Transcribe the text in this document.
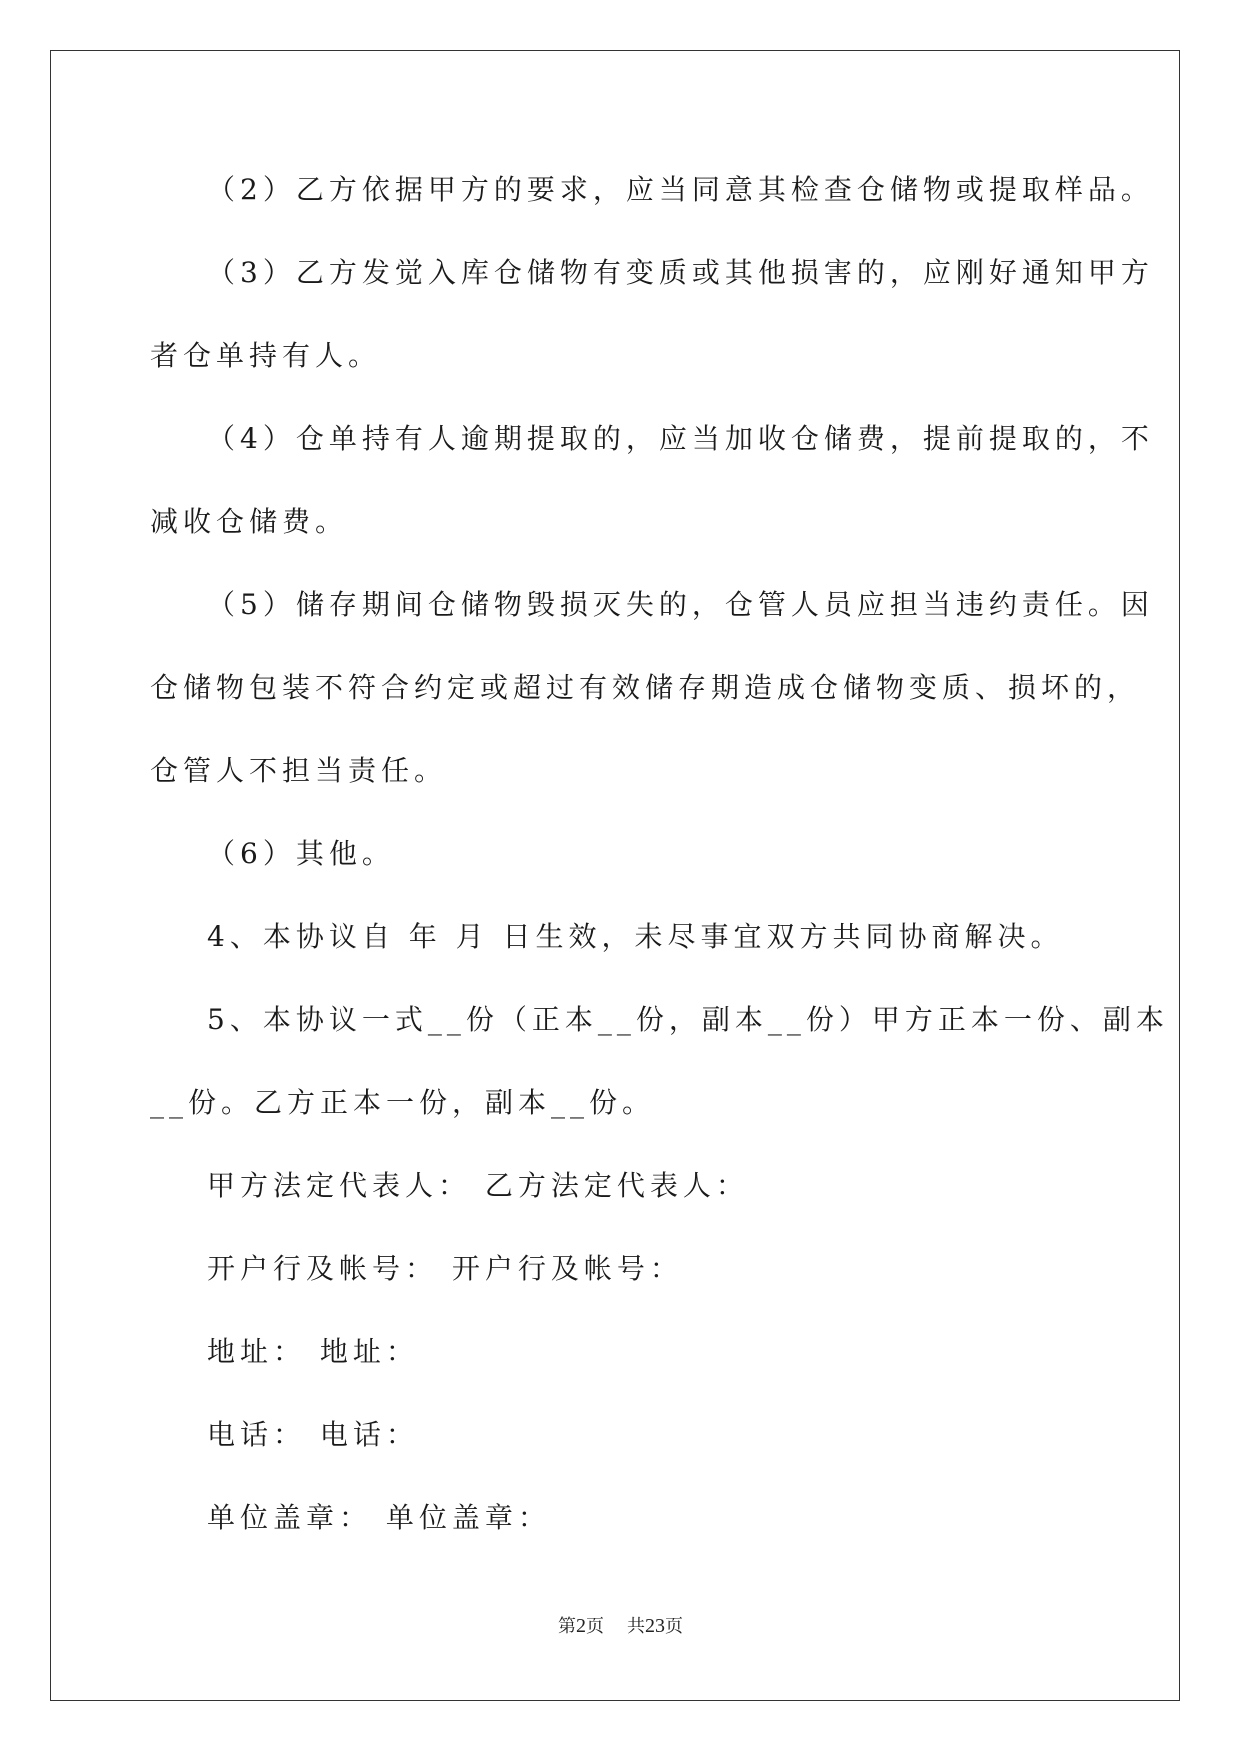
（2）乙方依据甲方的要求，应当同意其检查仓储物或提取样品。
（3）乙方发觉入库仓储物有变质或其他损害的，应刚好通知甲方
者仓单持有人。
（4）仓单持有人逾期提取的，应当加收仓储费，提前提取的，不
减收仓储费。
（5）储存期间仓储物毁损灭失的，仓管人员应担当违约责任。因
仓储物包装不符合约定或超过有效储存期造成仓储物变质、损坏的，
仓管人不担当责任。
（6）其他。
4、本协议自 年 月 日生效，未尽事宜双方共同协商解决。
5、本协议一式__份（正本__份，副本__份）甲方正本一份、副本
__份。乙方正本一份，副本__份。
甲方法定代表人： 乙方法定代表人：
开户行及帐号： 开户行及帐号：
地址： 地址：
电话： 电话：
单位盖章： 单位盖章：
第2页 共23页
